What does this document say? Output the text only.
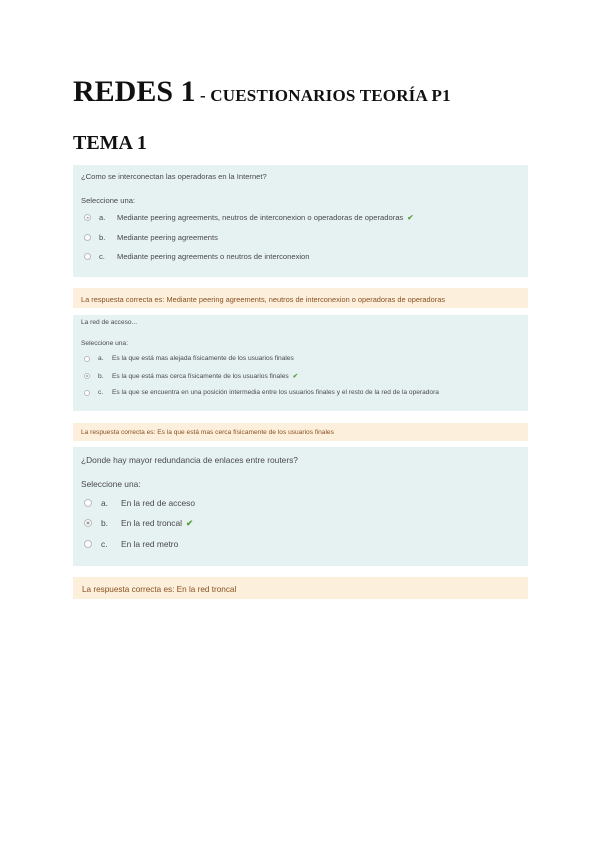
REDES 1 - CUESTIONARIOS TEORÍA P1
TEMA 1
¿Como se interconectan las operadoras en la Internet?
Seleccione una:
a.	Mediante peering agreements, neutros de interconexion o operadoras de operadoras ✔
b.	Mediante peering agreements
c.	Mediante peering agreements o neutros de interconexion
La respuesta correcta es: Mediante peering agreements, neutros de interconexion o operadoras de operadoras
La red de acceso...
Seleccione una:
a.	Es la que está mas alejada físicamente de los usuarios finales
b.	Es la que está mas cerca físicamente de los usuarios finales ✔
c.	Es la que se encuentra en una posición intermedia entre los usuarios finales y el resto de la red de la operadora
La respuesta correcta es: Es la que está mas cerca físicamente de los usuarios finales
¿Donde hay mayor redundancia de enlaces entre routers?
Seleccione una:
a.	En la red de acceso
b.	En la red troncal ✔
c.	En la red metro
La respuesta correcta es: En la red troncal
